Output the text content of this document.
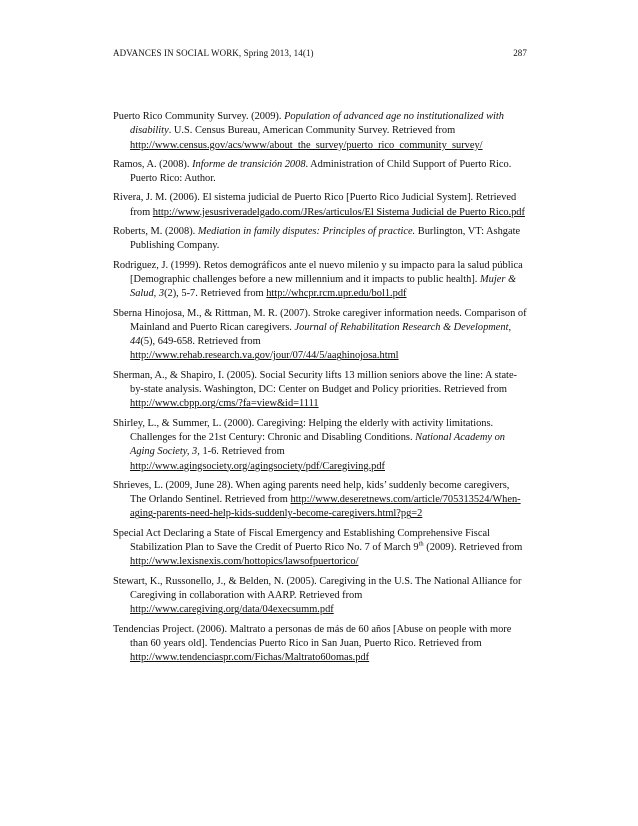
ADVANCES IN SOCIAL WORK, Spring 2013, 14(1)	287

Puerto Rico Community Survey. (2009). Population of advanced age no institutionalized with disability. U.S. Census Bureau, American Community Survey. Retrieved from http://www.census.gov/acs/www/about_the_survey/puerto_rico_community_survey/

Ramos, A. (2008). Informe de transición 2008. Administration of Child Support of Puerto Rico. Puerto Rico: Author.

Rivera, J. M. (2006). El sistema judicial de Puerto Rico [Puerto Rico Judicial System]. Retrieved from http://www.jesusriveradelgado.com/JRes/articulos/El Sistema Judicial de Puerto Rico.pdf

Roberts, M. (2008). Mediation in family disputes: Principles of practice. Burlington, VT: Ashgate Publishing Company.

Rodriguez, J. (1999). Retos demográficos ante el nuevo milenio y su impacto para la salud pública [Demographic challenges before a new millennium and it impacts to public health]. Mujer & Salud, 3(2), 5-7. Retrieved from http://whcpr.rcm.upr.edu/bol1.pdf

Sberna Hinojosa, M., & Rittman, M. R. (2007). Stroke caregiver information needs. Comparison of Mainland and Puerto Rican caregivers. Journal of Rehabilitation Research & Development, 44(5), 649-658. Retrieved from http://www.rehab.research.va.gov/jour/07/44/5/aaghinojosa.html

Sherman, A., & Shapiro, I. (2005). Social Security lifts 13 million seniors above the line: A state-by-state analysis. Washington, DC: Center on Budget and Policy priorities. Retrieved from http://www.cbpp.org/cms/?fa=view&id=1111

Shirley, L., & Summer, L. (2000). Caregiving: Helping the elderly with activity limitations. Challenges for the 21st Century: Chronic and Disabling Conditions. National Academy on Aging Society, 3, 1-6. Retrieved from http://www.agingsociety.org/agingsociety/pdf/Caregiving.pdf

Shrieves, L. (2009, June 28). When aging parents need help, kids’ suddenly become caregivers, The Orlando Sentinel. Retrieved from http://www.deseretnews.com/article/705313524/When-aging-parents-need-help-kids-suddenly-become-caregivers.html?pg=2

Special Act Declaring a State of Fiscal Emergency and Establishing Comprehensive Fiscal Stabilization Plan to Save the Credit of Puerto Rico No. 7 of March 9th (2009). Retrieved from http://www.lexisnexis.com/hottopics/lawsofpuertorico/

Stewart, K., Russonello, J., & Belden, N. (2005). Caregiving in the U.S. The National Alliance for Caregiving in collaboration with AARP. Retrieved from http://www.caregiving.org/data/04execsumm.pdf

Tendencias Project. (2006). Maltrato a personas de más de 60 años [Abuse on people with more than 60 years old]. Tendencias Puerto Rico in San Juan, Puerto Rico. Retrieved from http://www.tendenciaspr.com/Fichas/Maltrato60omas.pdf
